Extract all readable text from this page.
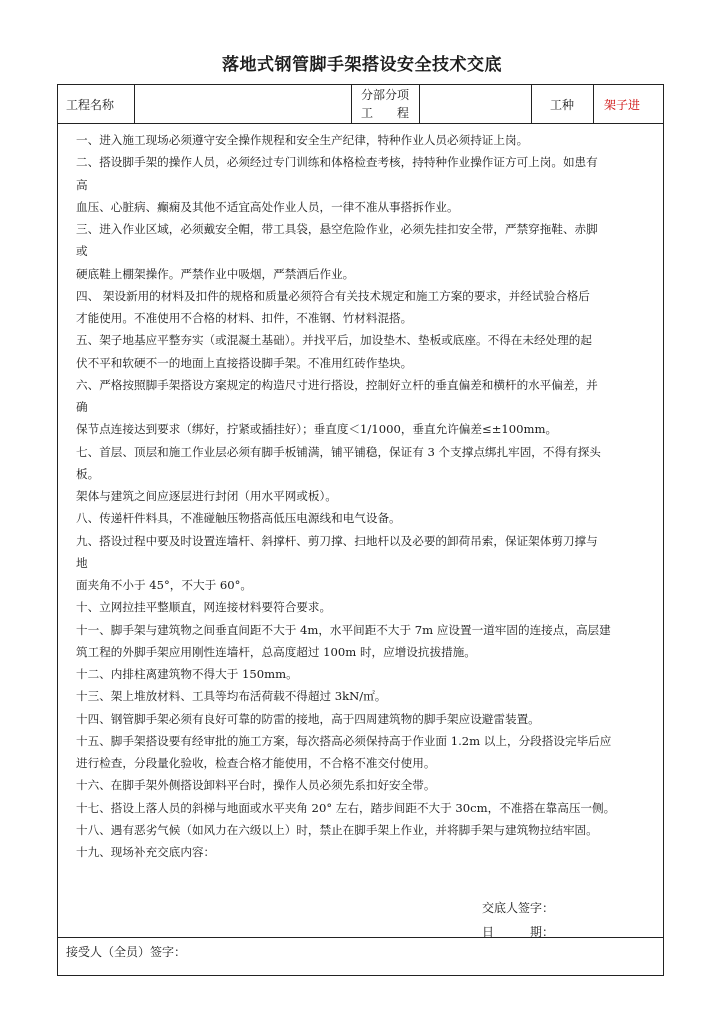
落地式钢管脚手架搭设安全技术交底
工程名称
分部分项
工　　程
工种 架子进
一、进入施工现场必须遵守安全操作规程和安全生产纪律，特种作业人员必须持证上岗。
二、搭设脚手架的操作人员，必须经过专门训练和体格检查考核，持特种作业操作证方可上岗。如患有
高
血压、心脏病、癫痫及其他不适宜高处作业人员，一律不准从事搭拆作业。
三、进入作业区域，必须戴安全帽，带工具袋，悬空危险作业，必须先挂扣安全带，严禁穿拖鞋、赤脚
或
硬底鞋上棚架操作。严禁作业中吸烟，严禁酒后作业。
四、 架设新用的材料及扣件的规格和质量必须符合有关技术规定和施工方案的要求，并经试验合格后
才能使用。不准使用不合格的材料、扣件，不准钢、竹材料混搭。
五、架子地基应平整夯实（或混凝土基础）。并找平后，加设垫木、垫板或底座。不得在未经处理的起
伏不平和软硬不一的地面上直接搭设脚手架。不准用红砖作垫块。
六、严格按照脚手架搭设方案规定的构造尺寸进行搭设，控制好立杆的垂直偏差和横杆的水平偏差，并
确
保节点连接达到要求（绑好，拧紧或插挂好）；垂直度＜1/1000，垂直允许偏差≤±100mm。
七、首层、顶层和施工作业层必须有脚手板铺满，铺平铺稳，保证有 3 个支撑点绑扎牢固，不得有探头
板。
架体与建筑之间应逐层进行封闭（用水平网或板）。
八、传递杆件料具，不准碰触压物搭高低压电源线和电气设备。
九、搭设过程中要及时设置连墙杆、斜撑杆、剪刀撑、扫地杆以及必要的卸荷吊索，保证架体剪刀撑与
地
面夹角不小于 45°，不大于 60°。
十、立网拉挂平整顺直，网连接材料要符合要求。
十一、脚手架与建筑物之间垂直间距不大于 4m，水平间距不大于 7m 应设置一道牢固的连接点，高层建
筑工程的外脚手架应用刚性连墙杆，总高度超过 100m 时，应增设抗拔措施。
十二、内排柱离建筑物不得大于 150mm。
十三、架上堆放材料、工具等均布活荷载不得超过 3kN/㎡。
十四、钢管脚手架必须有良好可靠的防雷的接地，高于四周建筑物的脚手架应设避雷装置。
十五、脚手架搭设要有经审批的施工方案，每次搭高必须保持高于作业面 1.2m 以上，分段搭设完毕后应
进行检查，分段量化验收，检查合格才能使用，不合格不准交付使用。
十六、在脚手架外侧搭设卸料平台时，操作人员必须先系扣好安全带。
十七、搭设上落人员的斜梯与地面或水平夹角 20° 左右，踏步间距不大于 30cm，不准搭在靠高压一侧。
十八、遇有恶劣气候（如风力在六级以上）时，禁止在脚手架上作业，并将脚手架与建筑物拉结牢固。
十九、现场补充交底内容：
交底人签字：
日　　　期：
接受人（全员）签字：
